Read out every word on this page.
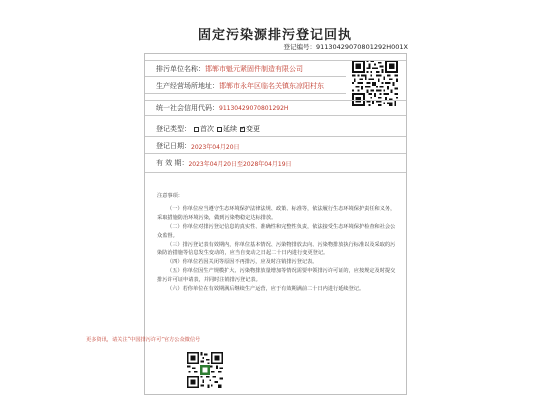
固定污染源排污登记回执
登记编号：91130429070801292H001X
排污单位名称： 邯郸市魁元紧固件制造有限公司
生产经营场所地址： 邯郸市永年区临名关镇东凉阳村东
统一社会信用代码： 91130429070801292H
登记类型： 首次 延续
✓ 变更
登记日期： 2023年04月20日
有 效 期： 2023年04月20日至2028年04月19日

注意事项：

（一）你单位应当遵守生态环境保护法律法规、政策、标准等，依法履行生态环境保护责任和义务，采取措施防治环境污染，做到污染物稳定达标排放。

（二）你单位对排污登记信息的真实性、准确性和完整性负责，依法接受生态环境保护检查和社会公众监督。

（三）排污登记表有效期内，你单位基本情况、污染物排放去向、污染物排放执行标准以及采取的污染防治措施等信息发生变动的，应当自变动之日起二十日内进行变更登记。

（四）你单位若因关闭等原因不再排污，应及时注销排污登记表。

（五）你单位因生产规模扩大、污染物排放量增加等情况需要申领排污许可证的，应按规定及时提交排污许可证申请表，并同时注销排污登记表。

（六）若你单位在有效期满后继续生产运营，应于有效期满前二十日内进行延续登记。

更多资讯，请关注“中国排污许可”官方公众微信号
